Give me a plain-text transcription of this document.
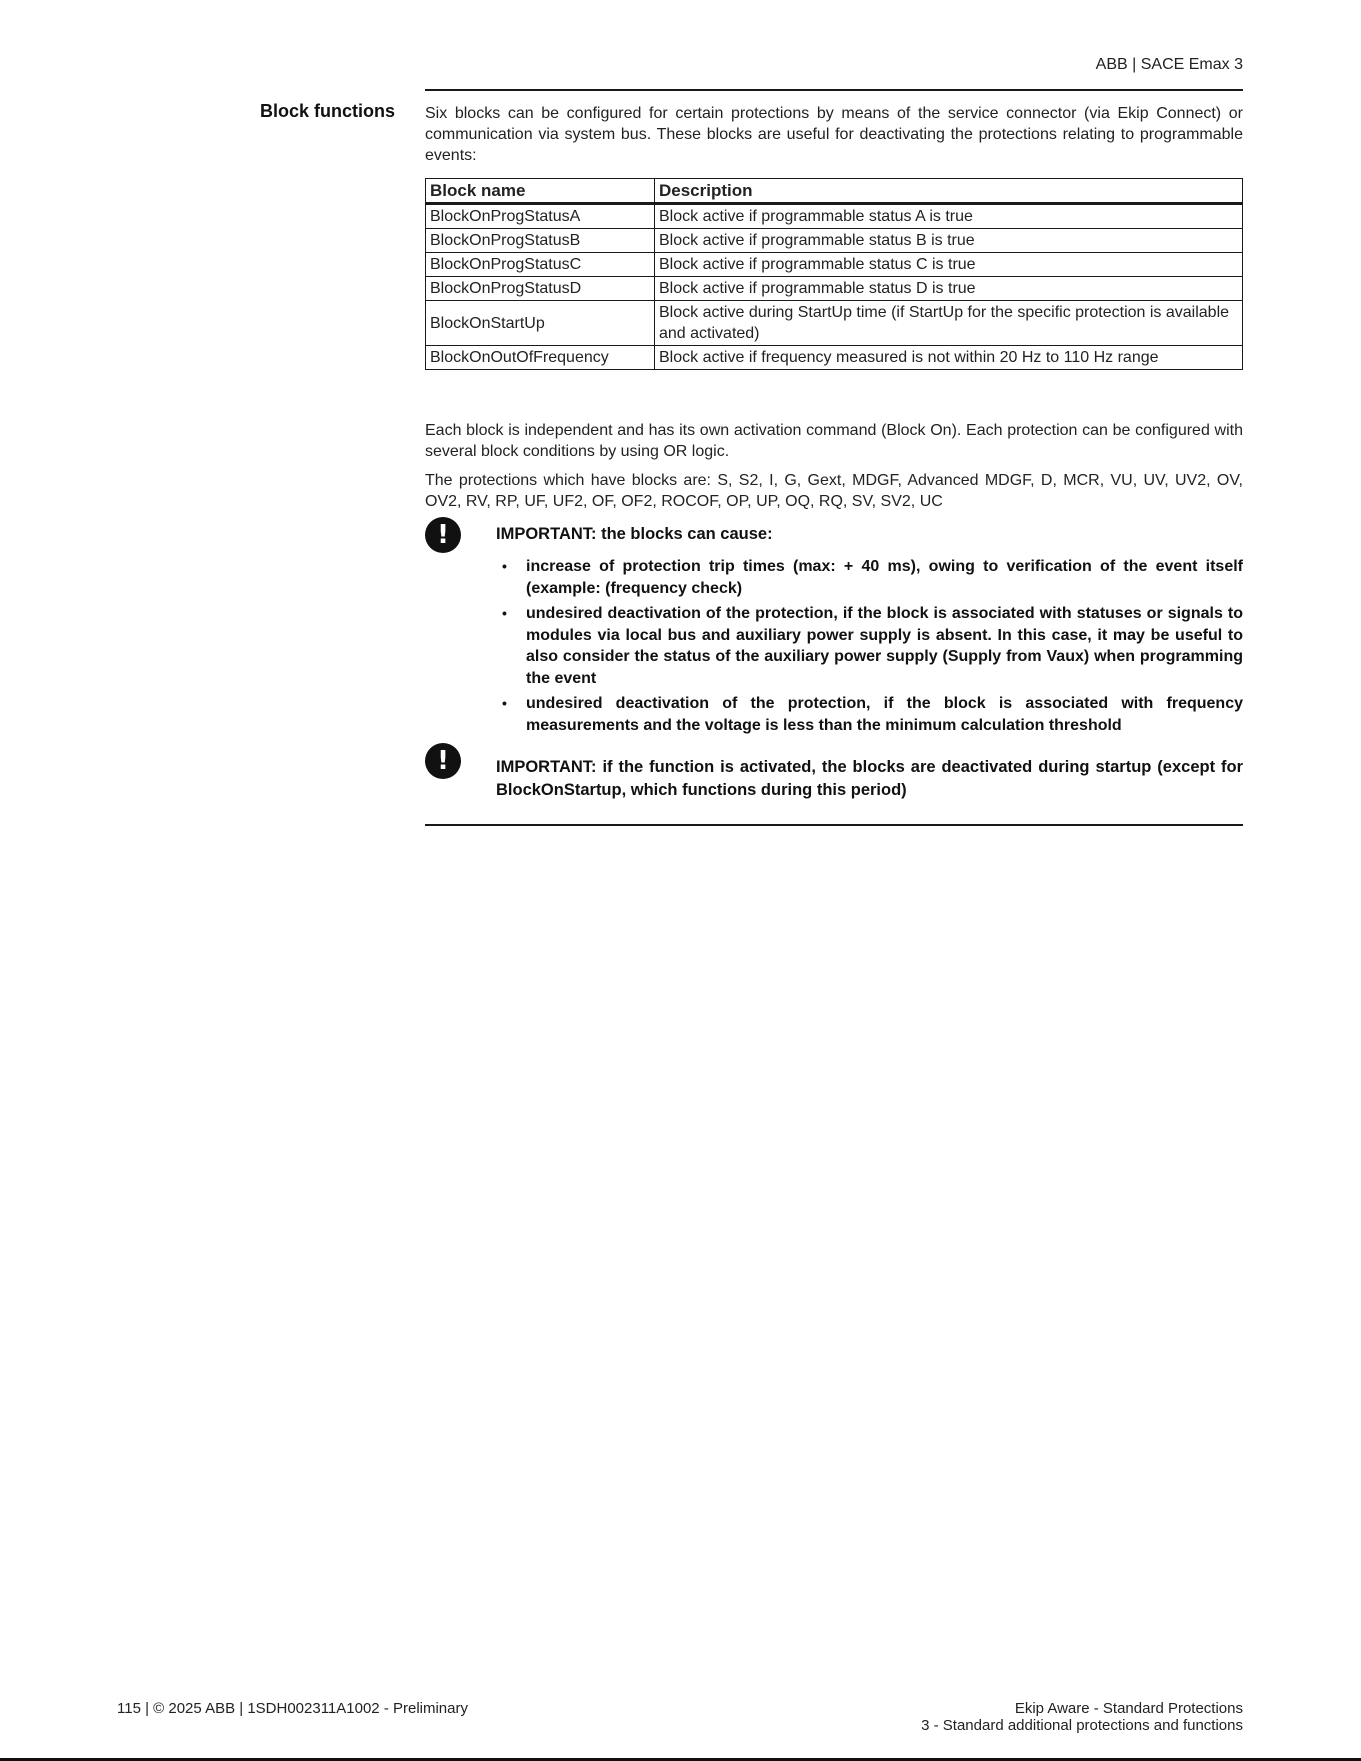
ABB | SACE Emax 3
Block functions Six blocks can be configured for certain protections by means of the service connector (via Ekip Connect) or communication via system bus. These blocks are useful for deactivating the protections relating to programmable events:

Block name	Description
BlockOnProgStatusA	Block active if programmable status A is true
BlockOnProgStatusB	Block active if programmable status B is true
BlockOnProgStatusC	Block active if programmable status C is true
BlockOnProgStatusD	Block active if programmable status D is true
BlockOnStartUp	Block active during StartUp time (if StartUp for the specific protection is available and activated)
BlockOnOutOfFrequency	Block active if frequency measured is not within 20 Hz to 110 Hz range

Each block is independent and has its own activation command (Block On). Each protection can be configured with several block conditions by using OR logic.

The protections which have blocks are: S, S2, I, G, Gext, MDGF, Advanced MDGF, D, MCR, VU, UV, UV2, OV, OV2, RV, RP, UF, UF2, OF, OF2, ROCOF, OP, UP, OQ, RQ, SV, SV2, UC

!	IMPORTANT: the blocks can cause:
• increase of protection trip times (max: + 40 ms), owing to verification of the event itself (example: (frequency check)
• undesired deactivation of the protection, if the block is associated with statuses or signals to modules via local bus and auxiliary power supply is absent. In this case, it may be useful to also consider the status of the auxiliary power supply (Supply from Vaux) when programming the event
• undesired deactivation of the protection, if the block is associated with frequency measurements and the voltage is less than the minimum calculation threshold
!	IMPORTANT: if the function is activated, the blocks are deactivated during startup (except for BlockOnStartup, which functions during this period)
115 | © 2025 ABB | 1SDH002311A1002 - Preliminary	Ekip Aware - Standard Protections
3 - Standard additional protections and functions
